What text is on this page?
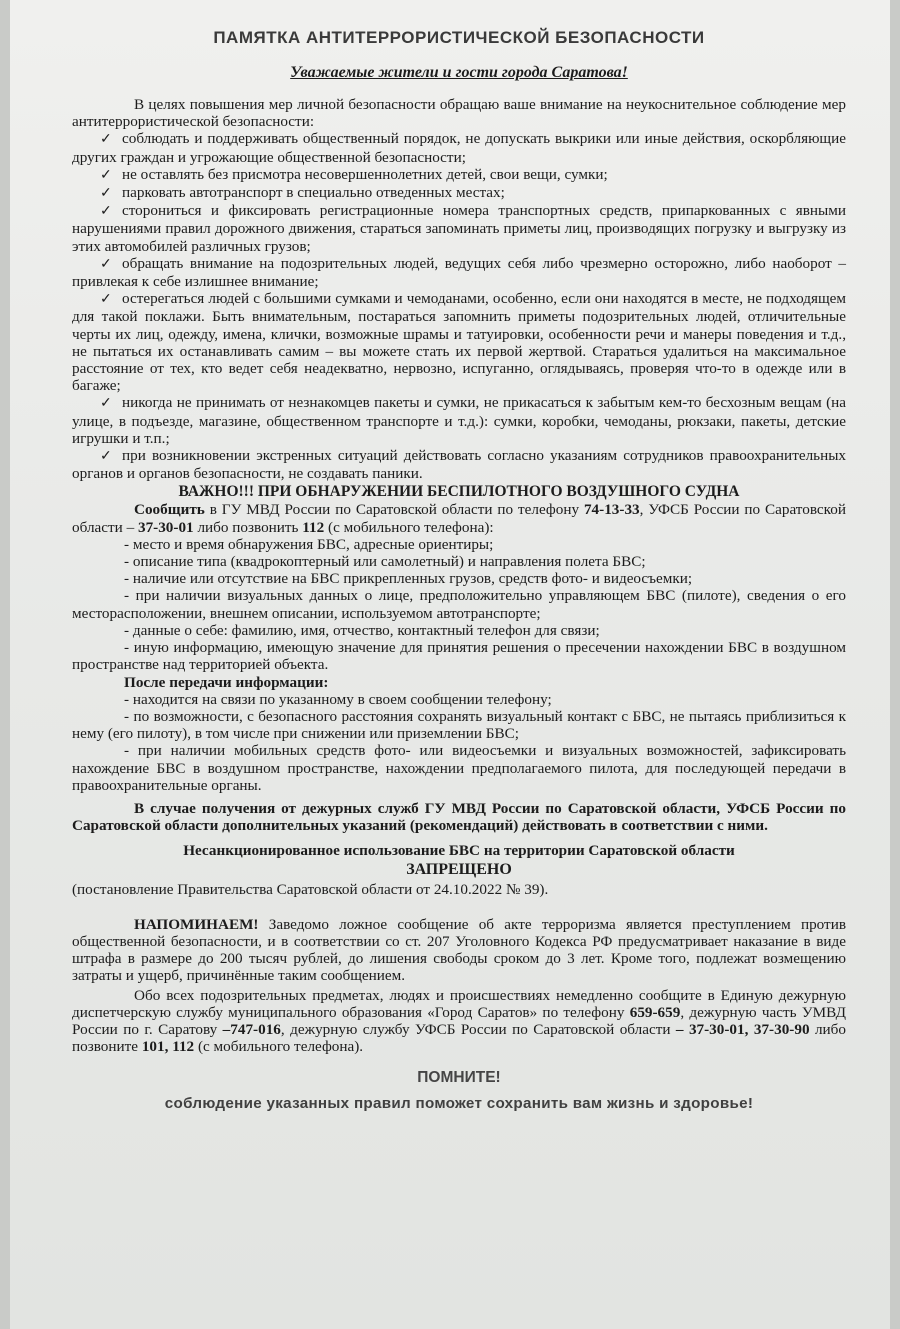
ПАМЯТКА АНТИТЕРРОРИСТИЧЕСКОЙ БЕЗОПАСНОСТИ
Уважаемые жители и гости города Саратова!

В целях повышения мер личной безопасности обращаю ваше внимание на неукоснительное соблюдение мер антитеррористической безопасности:

✓ соблюдать и поддерживать общественный порядок, не допускать выкрики или иные действия, оскорбляющие других граждан и угрожающие общественной безопасности;

✓ не оставлять без присмотра несовершеннолетних детей, свои вещи, сумки;

✓ парковать автотранспорт в специально отведенных местах;

✓ сторониться и фиксировать регистрационные номера транспортных средств, припаркованных с явными нарушениями правил дорожного движения, стараться запоминать приметы лиц, производящих погрузку и выгрузку из этих автомобилей различных грузов;

✓ обращать внимание на подозрительных людей, ведущих себя либо чрезмерно осторожно, либо наоборот – привлекая к себе излишнее внимание;

✓ остерегаться людей с большими сумками и чемоданами, особенно, если они находятся в месте, не подходящем для такой поклажи. Быть внимательным, постараться запомнить приметы подозрительных людей, отличительные черты их лиц, одежду, имена, клички, возможные шрамы и татуировки, особенности речи и манеры поведения и т.д., не пытаться их останавливать самим – вы можете стать их первой жертвой. Стараться удалиться на максимальное расстояние от тех, кто ведет себя неадекватно, нервозно, испуганно, оглядываясь, проверяя что-то в одежде или в багаже;

✓ никогда не принимать от незнакомцев пакеты и сумки, не прикасаться к забытым кем-то бесхозным вещам (на улице, в подъезде, магазине, общественном транспорте и т.д.): сумки, коробки, чемоданы, рюкзаки, пакеты, детские игрушки и т.п.;

✓ при возникновении экстренных ситуаций действовать согласно указаниям сотрудников правоохранительных органов и органов безопасности, не создавать паники.

ВАЖНО!!! ПРИ ОБНАРУЖЕНИИ БЕСПИЛОТНОГО ВОЗДУШНОГО СУДНА

Сообщить в ГУ МВД России по Саратовской области по телефону 74-13-33, УФСБ России по Саратовской области – 37-30-01 либо позвонить 112 (с мобильного телефона):

- место и время обнаружения БВС, адресные ориентиры;

- описание типа (квадрокоптерный или самолетный) и направления полета БВС;

- наличие или отсутствие на БВС прикрепленных грузов, средств фото- и видеосъемки;

- при наличии визуальных данных о лице, предположительно управляющем БВС (пилоте), сведения о его месторасположении, внешнем описании, используемом автотранспорте;

- данные о себе: фамилию, имя, отчество, контактный телефон для связи;

- иную информацию, имеющую значение для принятия решения о пресечении нахождении БВС в воздушном пространстве над территорией объекта.

После передачи информации:

- находится на связи по указанному в своем сообщении телефону;

- по возможности, с безопасного расстояния сохранять визуальный контакт с БВС, не пытаясь приблизиться к нему (его пилоту), в том числе при снижении или приземлении БВС;

- при наличии мобильных средств фото- или видеосъемки и визуальных возможностей, зафиксировать нахождение БВС в воздушном пространстве, нахождении предполагаемого пилота, для последующей передачи в правоохранительные органы.

В случае получения от дежурных служб ГУ МВД России по Саратовской области, УФСБ России по Саратовской области дополнительных указаний (рекомендаций) действовать в соответствии с ними.

Несанкционированное использование БВС на территории Саратовской области

ЗАПРЕЩЕНО

(постановление Правительства Саратовской области от 24.10.2022 № 39).

НАПОМИНАЕМ! Заведомо ложное сообщение об акте терроризма является преступлением против общественной безопасности, и в соответствии со ст. 207 Уголовного Кодекса РФ предусматривает наказание в виде штрафа в размере до 200 тысяч рублей, до лишения свободы сроком до 3 лет. Кроме того, подлежат возмещению затраты и ущерб, причинённые таким сообщением.

Обо всех подозрительных предметах, людях и происшествиях немедленно сообщите в Единую дежурную диспетчерскую службу муниципального образования «Город Саратов» по телефону 659-659, дежурную часть УМВД России по г. Саратову –747-016, дежурную службу УФСБ России по Саратовской области – 37-30-01, 37-30-90 либо позвоните 101, 112 (с мобильного телефона).

ПОМНИТЕ!
соблюдение указанных правил поможет сохранить вам жизнь и здоровье!
